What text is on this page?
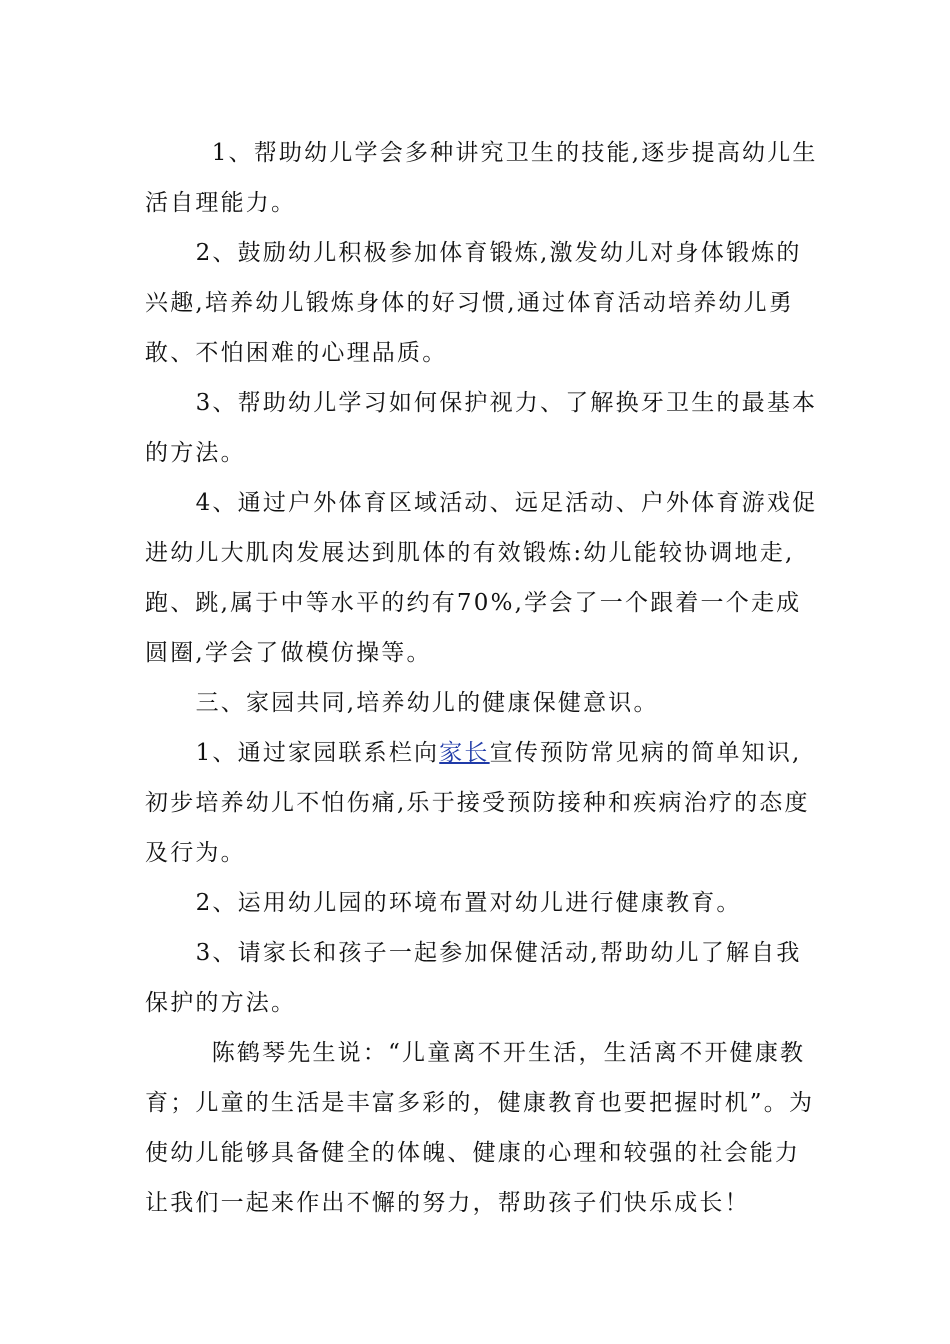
1、帮助幼儿学会多种讲究卫生的技能,逐步提高幼儿生活自理能力。

2、鼓励幼儿积极参加体育锻炼,激发幼儿对身体锻炼的兴趣,培养幼儿锻炼身体的好习惯,通过体育活动培养幼儿勇敢、不怕困难的心理品质。

3、帮助幼儿学习如何保护视力、了解换牙卫生的最基本的方法。

4、通过户外体育区域活动、远足活动、户外体育游戏促进幼儿大肌肉发展达到肌体的有效锻炼:幼儿能较协调地走,跑、跳,属于中等水平的约有70%,学会了一个跟着一个走成圆圈,学会了做模仿操等。

三、家园共同,培养幼儿的健康保健意识。

1、通过家园联系栏向家长宣传预防常见病的简单知识,初步培养幼儿不怕伤痛,乐于接受预防接种和疾病治疗的态度及行为。

2、运用幼儿园的环境布置对幼儿进行健康教育。

3、请家长和孩子一起参加保健活动,帮助幼儿了解自我保护的方法。

陈鹤琴先生说：“儿童离不开生活，生活离不开健康教育；儿童的生活是丰富多彩的，健康教育也要把握时机”。为使幼儿能够具备健全的体魄、健康的心理和较强的社会能力让我们一起来作出不懈的努力，帮助孩子们快乐成长！
